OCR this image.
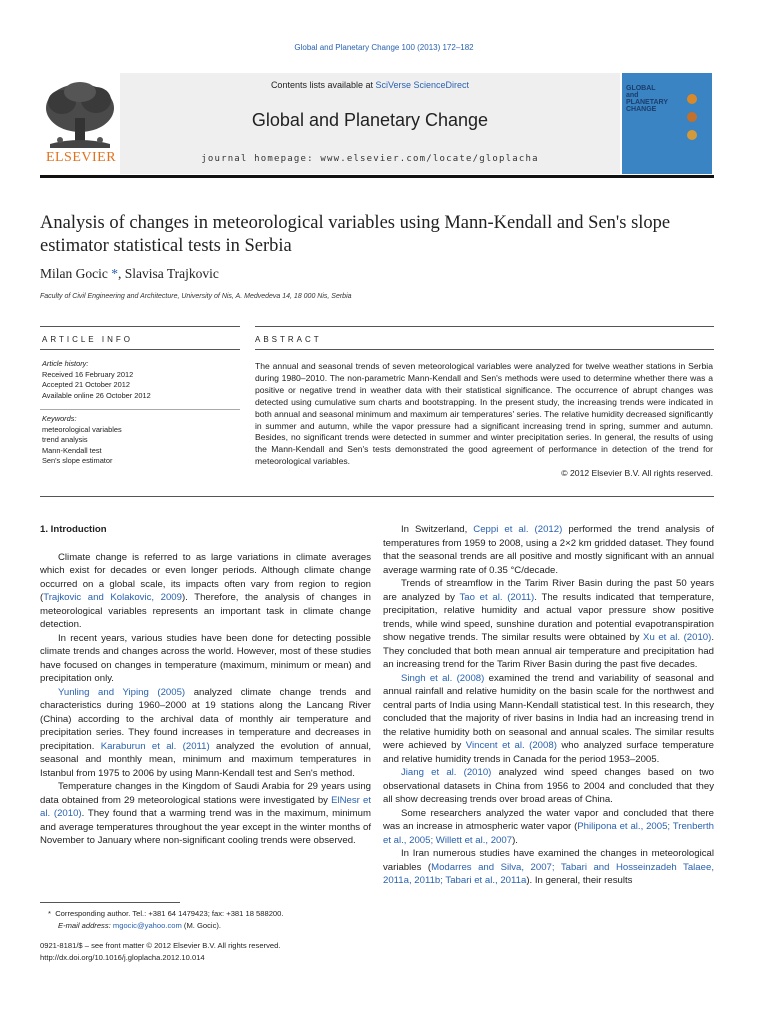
Global and Planetary Change 100 (2013) 172–182
ELSEVIER
Contents lists available at SciVerse ScienceDirect
Global and Planetary Change
journal homepage: www.elsevier.com/locate/gloplacha
GLOBAL and PLANETARY CHANGE
Analysis of changes in meteorological variables using Mann-Kendall and Sen's slope estimator statistical tests in Serbia
Milan Gocic *, Slavisa Trajkovic
Faculty of Civil Engineering and Architecture, University of Nis, A. Medvedeva 14, 18 000 Nis, Serbia
ARTICLE INFO	ABSTRACT
Article history:
Received 16 February 2012
Accepted 21 October 2012
Available online 26 October 2012
Keywords:
meteorological variables
trend analysis
Mann-Kendall test
Sen's slope estimator
The annual and seasonal trends of seven meteorological variables were analyzed for twelve weather stations in Serbia during 1980–2010. The non-parametric Mann-Kendall and Sen's methods were used to determine whether there was a positive or negative trend in weather data with their statistical significance. The occurrence of abrupt changes was detected using cumulative sum charts and bootstrapping. In the present study, the increasing trends were indicated in both annual and seasonal minimum and maximum air temperatures' series. The relative humidity decreased significantly in summer and autumn, while the vapor pressure had a significant increasing trend in spring, summer and autumn. Besides, no significant trends were detected in summer and winter precipitation series. In general, the results of using the Mann-Kendall and Sen's tests demonstrated the good agreement of performance in detection of the trend for meteorological variables.
© 2012 Elsevier B.V. All rights reserved.

1. Introduction

Climate change is referred to as large variations in climate averages which exist for decades or even longer periods. Although climate change occurred on a global scale, its impacts often vary from region to region (Trajkovic and Kolakovic, 2009). Therefore, the analysis of changes in meteorological variables represents an important task in climate change detection.

In recent years, various studies have been done for detecting possible climate trends and changes across the world. However, most of these studies have focused on changes in temperature (maximum, minimum or mean) and precipitation only.

Yunling and Yiping (2005) analyzed climate change trends and characteristics during 1960–2000 at 19 stations along the Lancang River (China) according to the archival data of monthly air temperature and precipitation series. They found increases in temperature and decreases in precipitation. Karaburun et al. (2011) analyzed the evolution of annual, seasonal and monthly mean, minimum and maximum temperatures in Istanbul from 1975 to 2006 by using Mann-Kendall test and Sen's method.

Temperature changes in the Kingdom of Saudi Arabia for 29 years using data obtained from 29 meteorological stations were investigated by ElNesr et al. (2010). They found that a warming trend was in the maximum, minimum and average temperatures throughout the year except in the winter months of November to January where non-significant cooling trends were observed.

In Switzerland, Ceppi et al. (2012) performed the trend analysis of temperatures from 1959 to 2008, using a 2×2 km gridded dataset. They found that the seasonal trends are all positive and mostly significant with an annual average warming rate of 0.35 °C/decade.

Trends of streamflow in the Tarim River Basin during the past 50 years are analyzed by Tao et al. (2011). The results indicated that temperature, precipitation, relative humidity and actual vapor pressure show positive trends, while wind speed, sunshine duration and potential evapotranspiration show negative trends. The similar results were obtained by Xu et al. (2010). They concluded that both mean annual air temperature and precipitation had an increasing trend for the Tarim River Basin during the past five decades.

Singh et al. (2008) examined the trend and variability of seasonal and annual rainfall and relative humidity on the basin scale for the northwest and central parts of India using Mann-Kendall statistical test. In this research, they concluded that the majority of river basins in India had an increasing trend in the relative humidity both on seasonal and annual scales. The similar results were achieved by Vincent et al. (2008) who analyzed surface temperature and relative humidity trends in Canada for the period 1953–2005.

Jiang et al. (2010) analyzed wind speed changes based on two observational datasets in China from 1956 to 2004 and concluded that they all show decreasing trends over broad areas of China.

Some researchers analyzed the water vapor and concluded that there was an increase in atmospheric water vapor (Philipona et al., 2005; Trenberth et al., 2005; Willett et al., 2007).

In Iran numerous studies have examined the changes in meteorological variables (Modarres and Silva, 2007; Tabari and Hosseinzadeh Talaee, 2011a, 2011b; Tabari et al., 2011a). In general, their results

* Corresponding author. Tel.: +381 64 1479423; fax: +381 18 588200.
E-mail address: mgocic@yahoo.com (M. Gocic).
0921-8181/$ – see front matter © 2012 Elsevier B.V. All rights reserved.
http://dx.doi.org/10.1016/j.gloplacha.2012.10.014
